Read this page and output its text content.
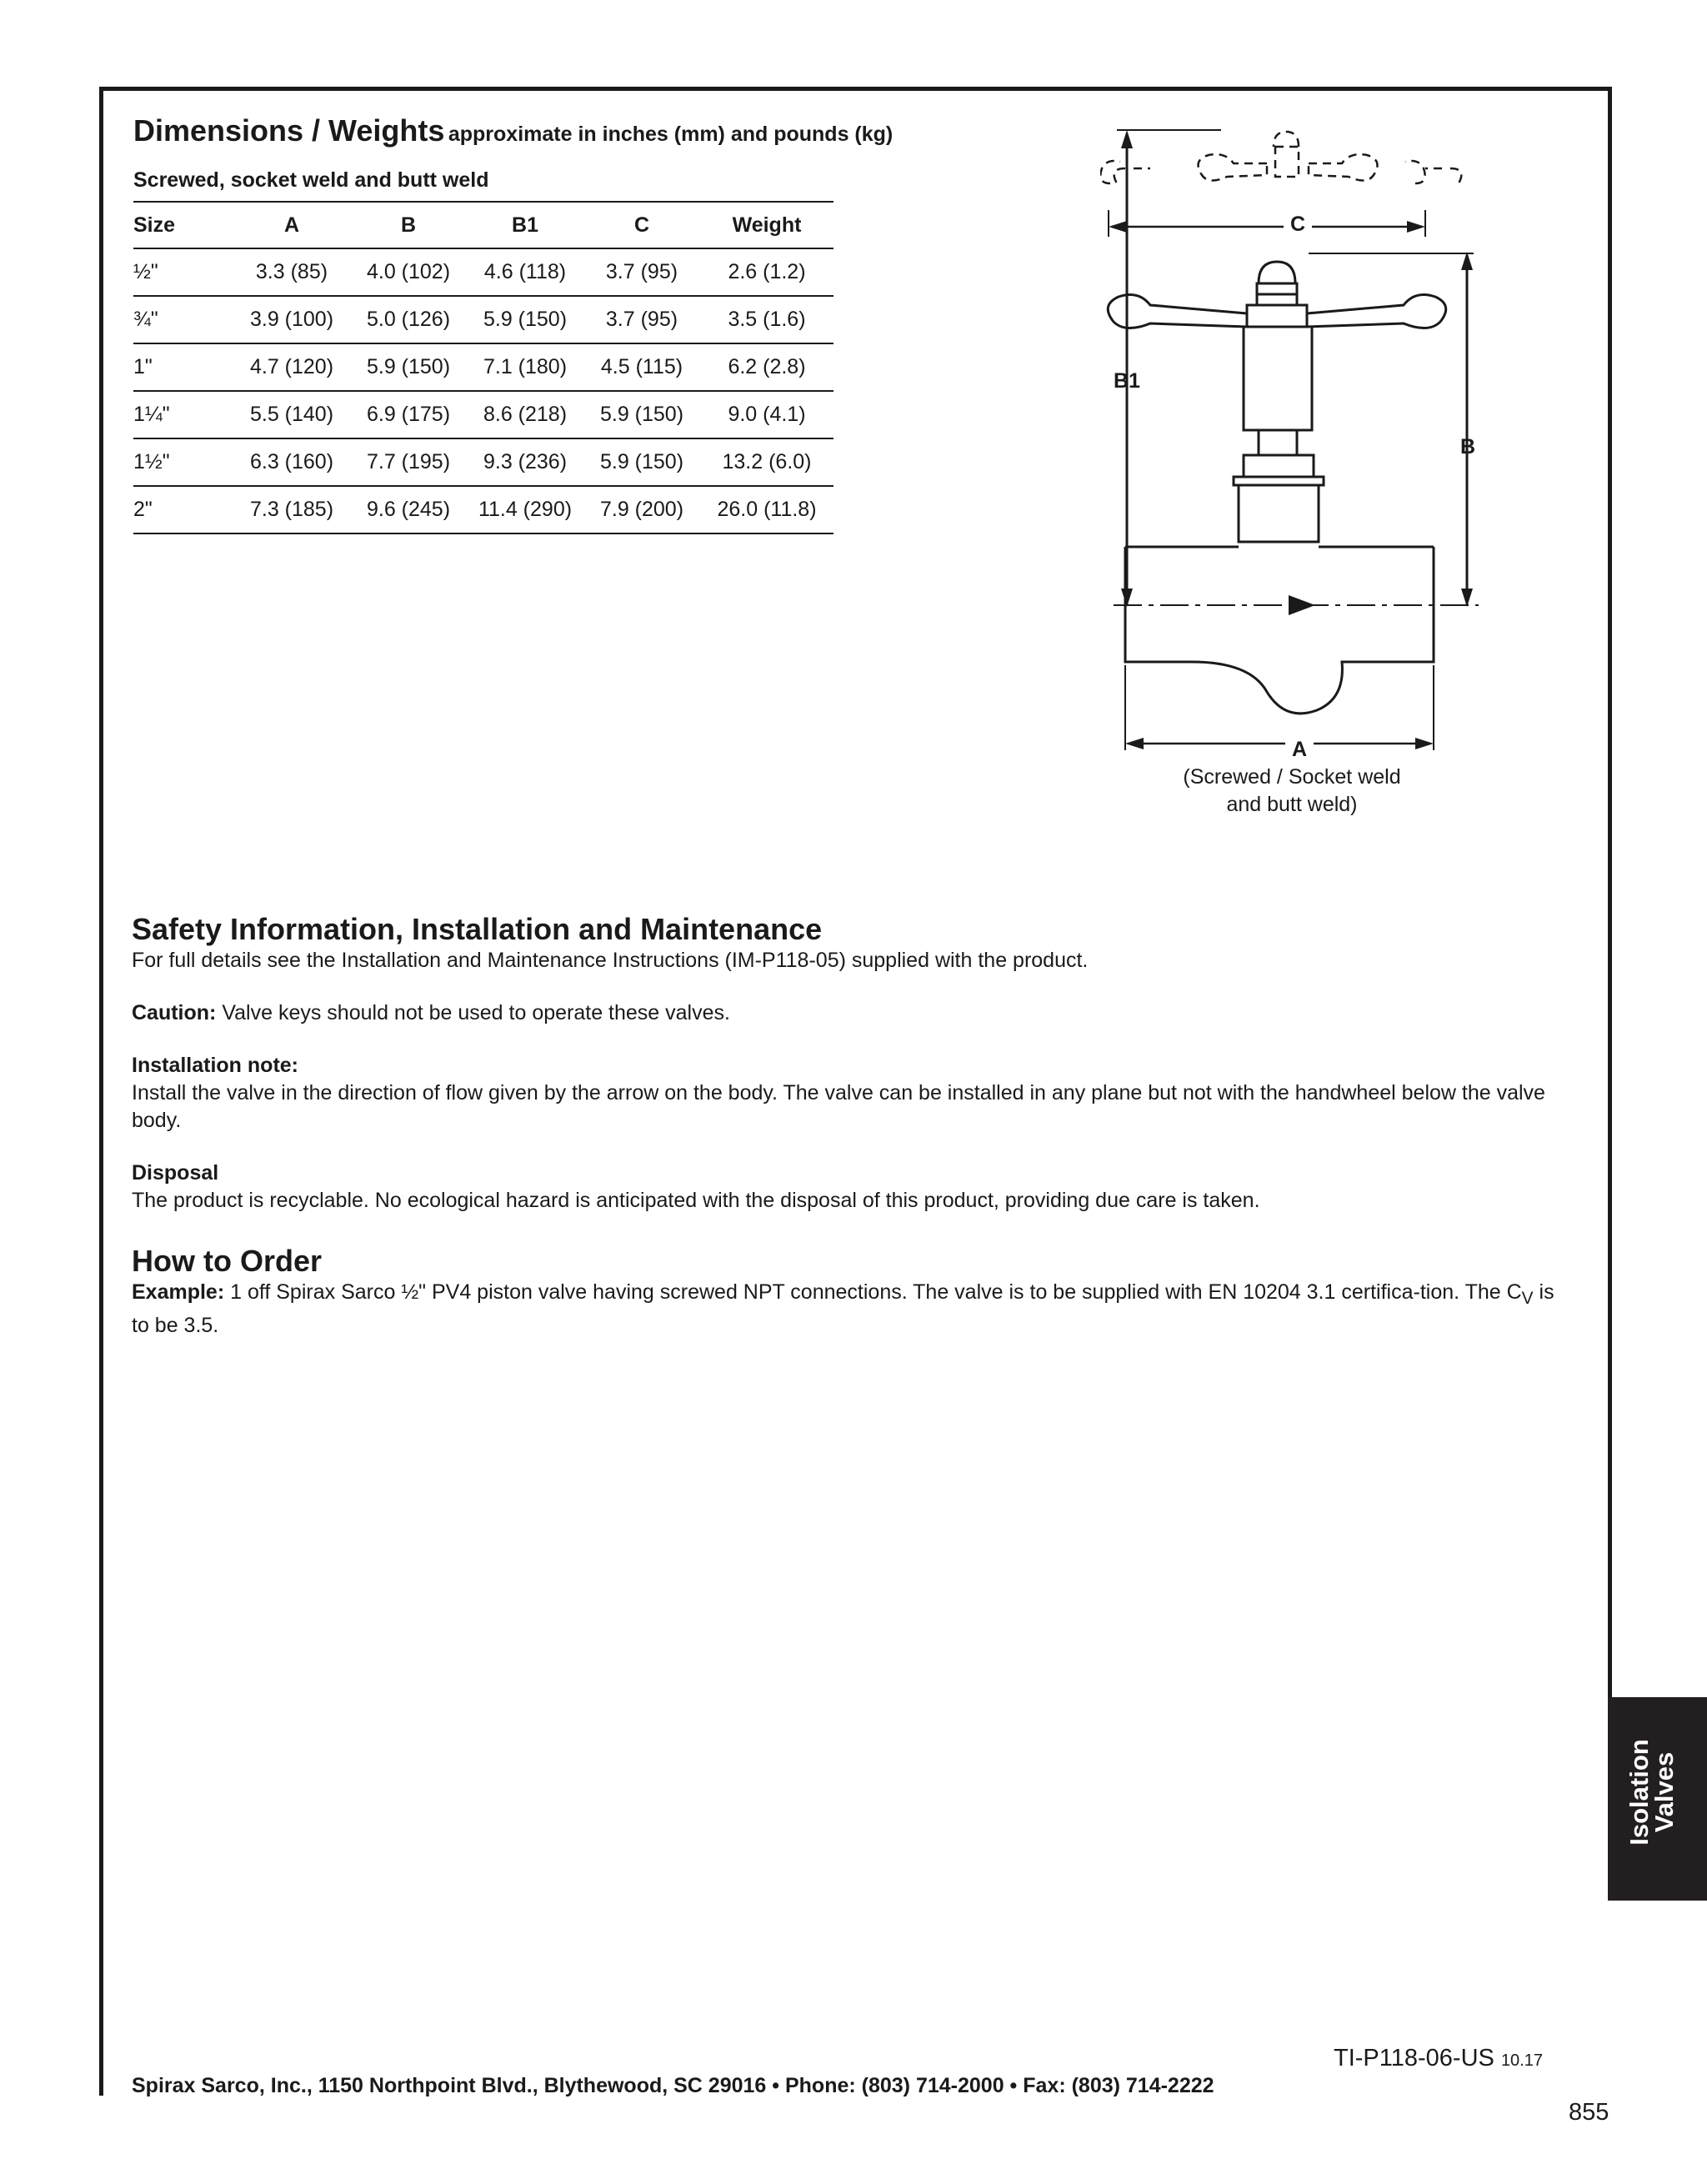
Dimensions / Weights approximate in inches (mm) and pounds (kg)
Screwed, socket weld and butt weld
Size	A	B	B1	C	Weight
½"	3.3 (85)	4.0 (102)	4.6 (118)	3.7 (95)	2.6 (1.2)
¾"	3.9 (100)	5.0 (126)	5.9 (150)	3.7 (95)	3.5 (1.6)
1"	4.7 (120)	5.9 (150)	7.1 (180)	4.5 (115)	6.2 (2.8)
1¼"	5.5 (140)	6.9 (175)	8.6 (218)	5.9 (150)	9.0 (4.1)
1½"	6.3 (160)	7.7 (195)	9.3 (236)	5.9 (150)	13.2 (6.0)
2"	7.3 (185)	9.6 (245)	11.4 (290)	7.9 (200)	26.0 (11.8)
C
B1
B
A
(Screwed / Socket weld
and butt weld)
Safety Information, Installation and Maintenance

For full details see the Installation and Maintenance Instructions (IM-P118-05) supplied with the product.

Caution: Valve keys should not be used to operate these valves.

Installation note:

Install the valve in the direction of flow given by the arrow on the body. The valve can be installed in any plane but not with the handwheel below the valve body.

Disposal

The product is recyclable. No ecological hazard is anticipated with the disposal of this product, providing due care is taken.

How to Order

Example: 1 off Spirax Sarco ½" PV4 piston valve having screwed NPT connections. The valve is to be supplied with EN 10204 3.1 certifica-tion. The $C_V$ is to be 3.5.

Isolation
Valves
TI-P118-06-US 10.17
Spirax Sarco, Inc., 1150 Northpoint Blvd., Blythewood, SC 29016 • Phone: (803) 714-2000 • Fax: (803) 714-2222
855
